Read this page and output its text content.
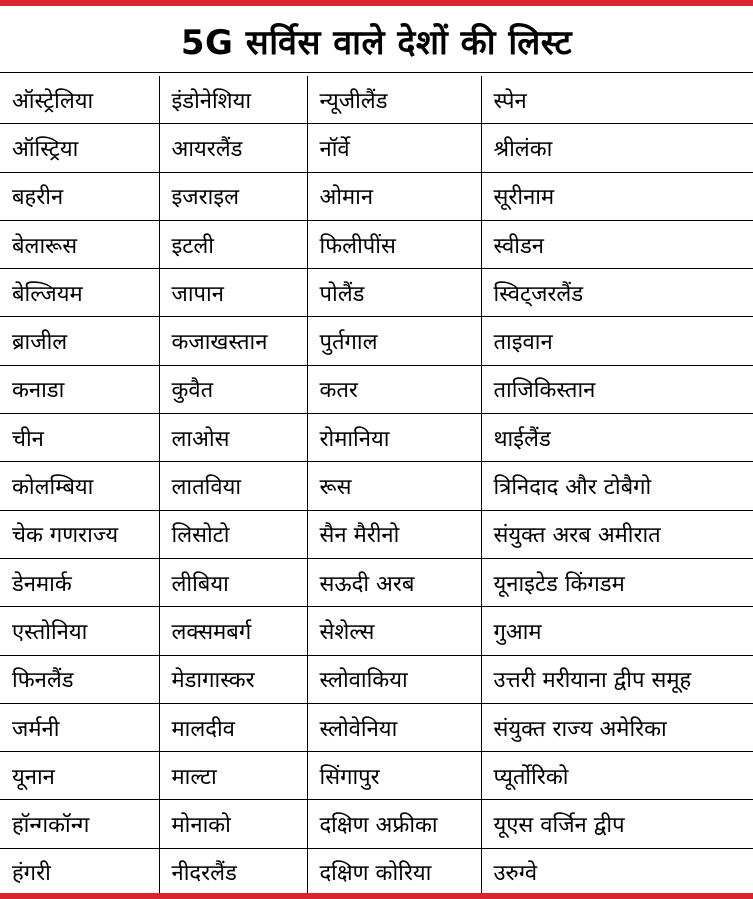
5G सर्विस वाले देशों की लिस्ट
ऑस्ट्रेलिया	इंडोनेशिया	न्यूजीलैंड	स्पेन
ऑस्ट्रिया	आयरलैंड	नॉर्वे	श्रीलंका
बहरीन	इजराइल	ओमान	सूरीनाम
बेलारूस	इटली	फिलीपींस	स्वीडन
बेल्जियम	जापान	पोलैंड	स्विट्जरलैंड
ब्राजील	कजाखस्तान	पुर्तगाल	ताइवान
कनाडा	कुवैत	कतर	ताजिकिस्तान
चीन	लाओस	रोमानिया	थाईलैंड
कोलम्बिया	लातविया	रूस	त्रिनिदाद और टोबैगो
चेक गणराज्य	लिसोटो	सैन मैरीनो	संयुक्त अरब अमीरात
डेनमार्क	लीबिया	सऊदी अरब	यूनाइटेड किंगडम
एस्तोनिया	लक्समबर्ग	सेशेल्स	गुआम
फिनलैंड	मेडागास्कर	स्लोवाकिया	उत्तरी मरीयाना द्वीप समूह
जर्मनी	मालदीव	स्लोवेनिया	संयुक्त राज्य अमेरिका
यूनान	माल्टा	सिंगापुर	प्यूर्तोरिको
हॉन्गकॉन्ग	मोनाको	दक्षिण अफ्रीका	यूएस वर्जिन द्वीप
हंगरी	नीदरलैंड	दक्षिण कोरिया	उरुग्वे
